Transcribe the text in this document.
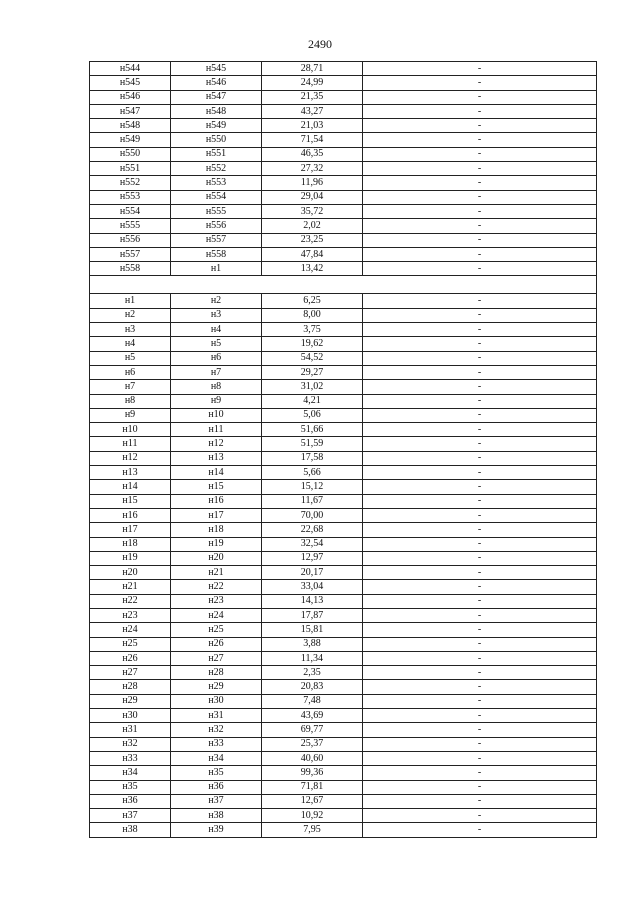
2490
н544	н545	28,71	-
н545	н546	24,99	-
н546	н547	21,35	-
н547	н548	43,27	-
н548	н549	21,03	-
н549	н550	71,54	-
н550	н551	46,35	-
н551	н552	27,32	-
н552	н553	11,96	-
н553	н554	29,04	-
н554	н555	35,72	-
н555	н556	2,02	-
н556	н557	23,25	-
н557	н558	47,84	-
н558	н1	13,42	-

н1	н2	6,25	-
н2	н3	8,00	-
н3	н4	3,75	-
н4	н5	19,62	-
н5	н6	54,52	-
н6	н7	29,27	-
н7	н8	31,02	-
н8	н9	4,21	-
н9	н10	5,06	-
н10	н11	51,66	-
н11	н12	51,59	-
н12	н13	17,58	-
н13	н14	5,66	-
н14	н15	15,12	-
н15	н16	11,67	-
н16	н17	70,00	-
н17	н18	22,68	-
н18	н19	32,54	-
н19	н20	12,97	-
н20	н21	20,17	-
н21	н22	33,04	-
н22	н23	14,13	-
н23	н24	17,87	-
н24	н25	15,81	-
н25	н26	3,88	-
н26	н27	11,34	-
н27	н28	2,35	-
н28	н29	20,83	-
н29	н30	7,48	-
н30	н31	43,69	-
н31	н32	69,77	-
н32	н33	25,37	-
н33	н34	40,60	-
н34	н35	99,36	-
н35	н36	71,81	-
н36	н37	12,67	-
н37	н38	10,92	-
н38	н39	7,95	-
